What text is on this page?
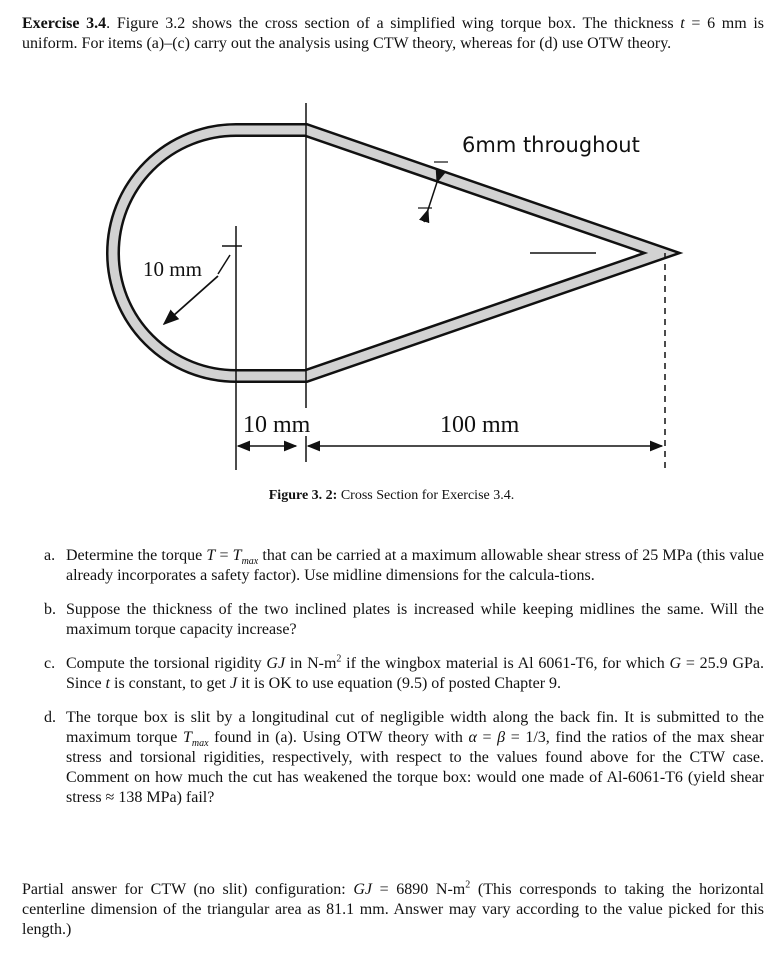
Exercise 3.4. Figure 3.2 shows the cross section of a simplified wing torque box. The thickness t = 6 mm is uniform. For items (a)–(c) carry out the analysis using CTW theory, whereas for (d) use OTW theory.
6mm throughout
10 mm
10 mm	100 mm
Figure 3. 2: Cross Section for Exercise 3.4.
a. Determine the torque $T = T_{max}$ that can be carried at a maximum allowable shear stress of 25 MPa (this value already incorporates a safety factor). Use midline dimensions for the calcula-tions.
b. Suppose the thickness of the two inclined plates is increased while keeping midlines the same. Will the maximum torque capacity increase?
c. Compute the torsional rigidity GJ in $N-m^2$ if the wingbox material is Al 6061-T6, for which G = 25.9 GPa. Since t is constant, to get J it is OK to use equation (9.5) of posted Chapter 9.
d. The torque box is slit by a longitudinal cut of negligible width along the back fin. It is submitted to the maximum torque $T_{max}$ found in (a). Using OTW theory with α = β = 1/3, find the ratios of the max shear stress and torsional rigidities, respectively, with respect to the values found above for the CTW case. Comment on how much the cut has weakened the torque box: would one made of Al-6061-T6 (yield shear stress ≈ 138 MPa) fail?
Partial answer for CTW (no slit) configuration: GJ = 6890 $N-m^2$ (This corresponds to taking the horizontal centerline dimension of the triangular area as 81.1 mm. Answer may vary according to the value picked for this length.)
